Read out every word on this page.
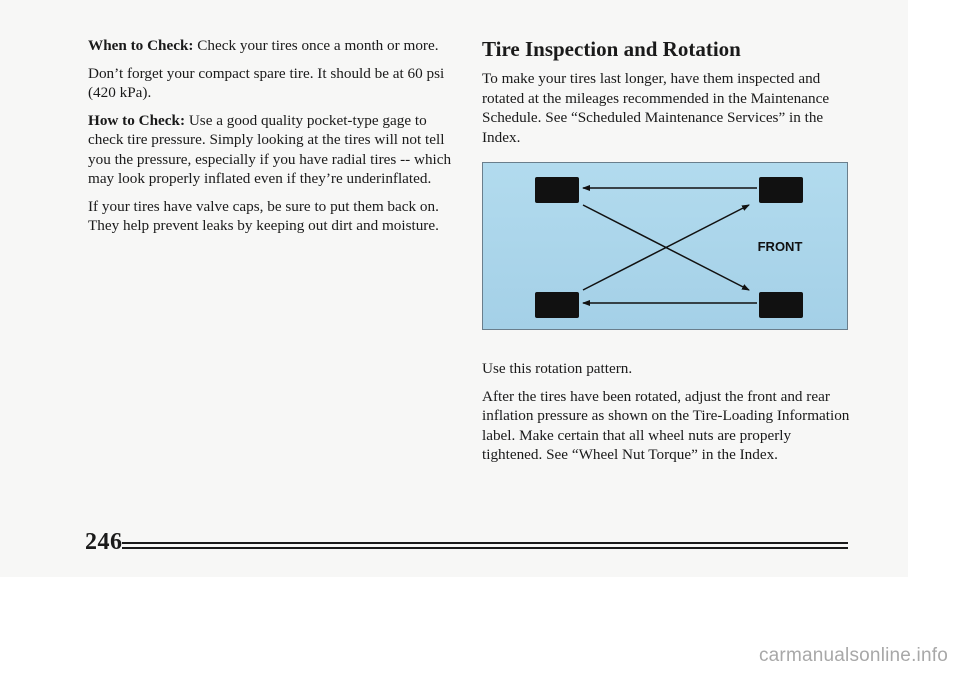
When to Check: Check your tires once a month or more.

Don’t forget your compact spare tire. It should be at 60 psi (420 kPa).

How to Check: Use a good quality pocket-type gage to check tire pressure. Simply looking at the tires will not tell you the pressure, especially if you have radial tires -- which may look properly inflated even if they’re underinflated.

If your tires have valve caps, be sure to put them back on. They help prevent leaks by keeping out dirt and moisture.

Tire Inspection and Rotation

To make your tires last longer, have them inspected and rotated at the mileages recommended in the Maintenance Schedule. See “Scheduled Maintenance Services” in the Index.

FRONT

Use this rotation pattern.

After the tires have been rotated, adjust the front and rear inflation pressure as shown on the Tire-Loading Information label. Make certain that all wheel nuts are properly tightened. See “Wheel Nut Torque” in the Index.

246
carmanualsonline.info
